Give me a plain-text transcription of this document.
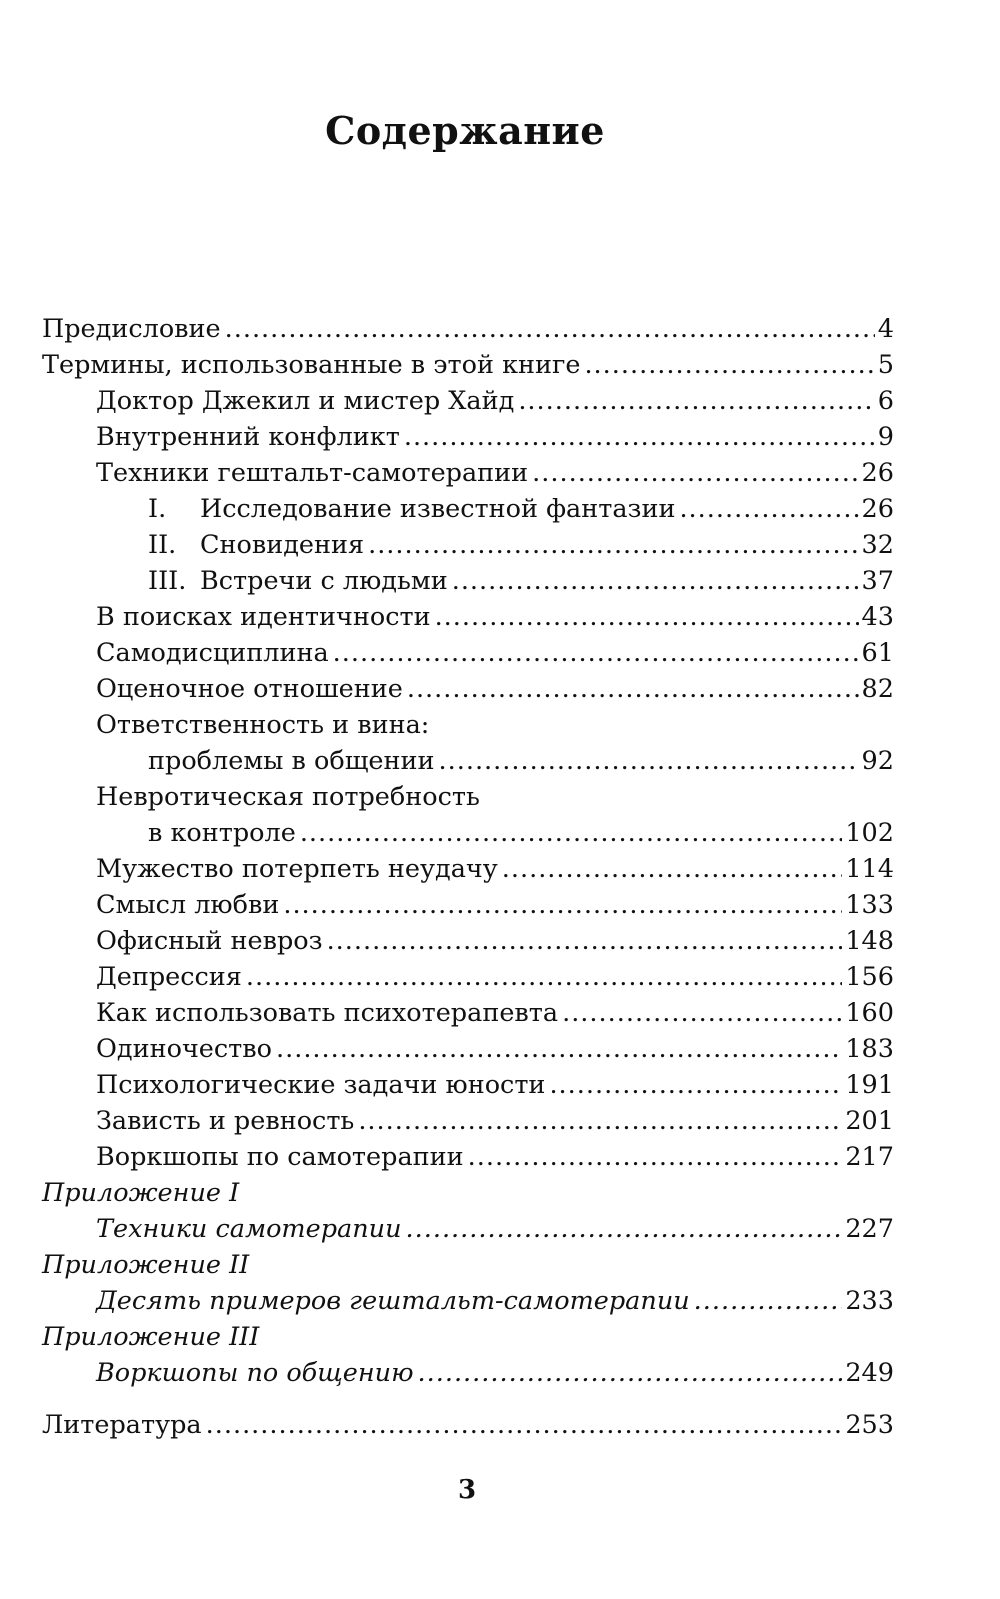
Содержание
Предисловие .....	4
Термины, использованные в этой книге .....	5
Доктор Джекил и мистер Хайд .....	6
Внутренний конфликт .....	9
Техники гештальт-самотерапии .....	26
I. Исследование известной фантазии .....	26
II. Сновидения .....	32
III. Встречи с людьми .....	37
В поисках идентичности .....	43
Самодисциплина .....	61
Оценочное отношение .....	82
Ответственность и вина:
проблемы в общении .....	92
Невротическая потребность
в контроле .....	102
Мужество потерпеть неудачу .....	114
Смысл любви .....	133
Офисный невроз .....	148
Депрессия .....	156
Как использовать психотерапевта .....	160
Одиночество .....	183
Психологические задачи юности .....	191
Зависть и ревность .....	201
Воркшопы по самотерапии .....	217
Приложение I
Техники самотерапии .....	227
Приложение II
Десять примеров гештальт-самотерапии .....	233
Приложение III
Воркшопы по общению .....	249
Литература .....	253
3
